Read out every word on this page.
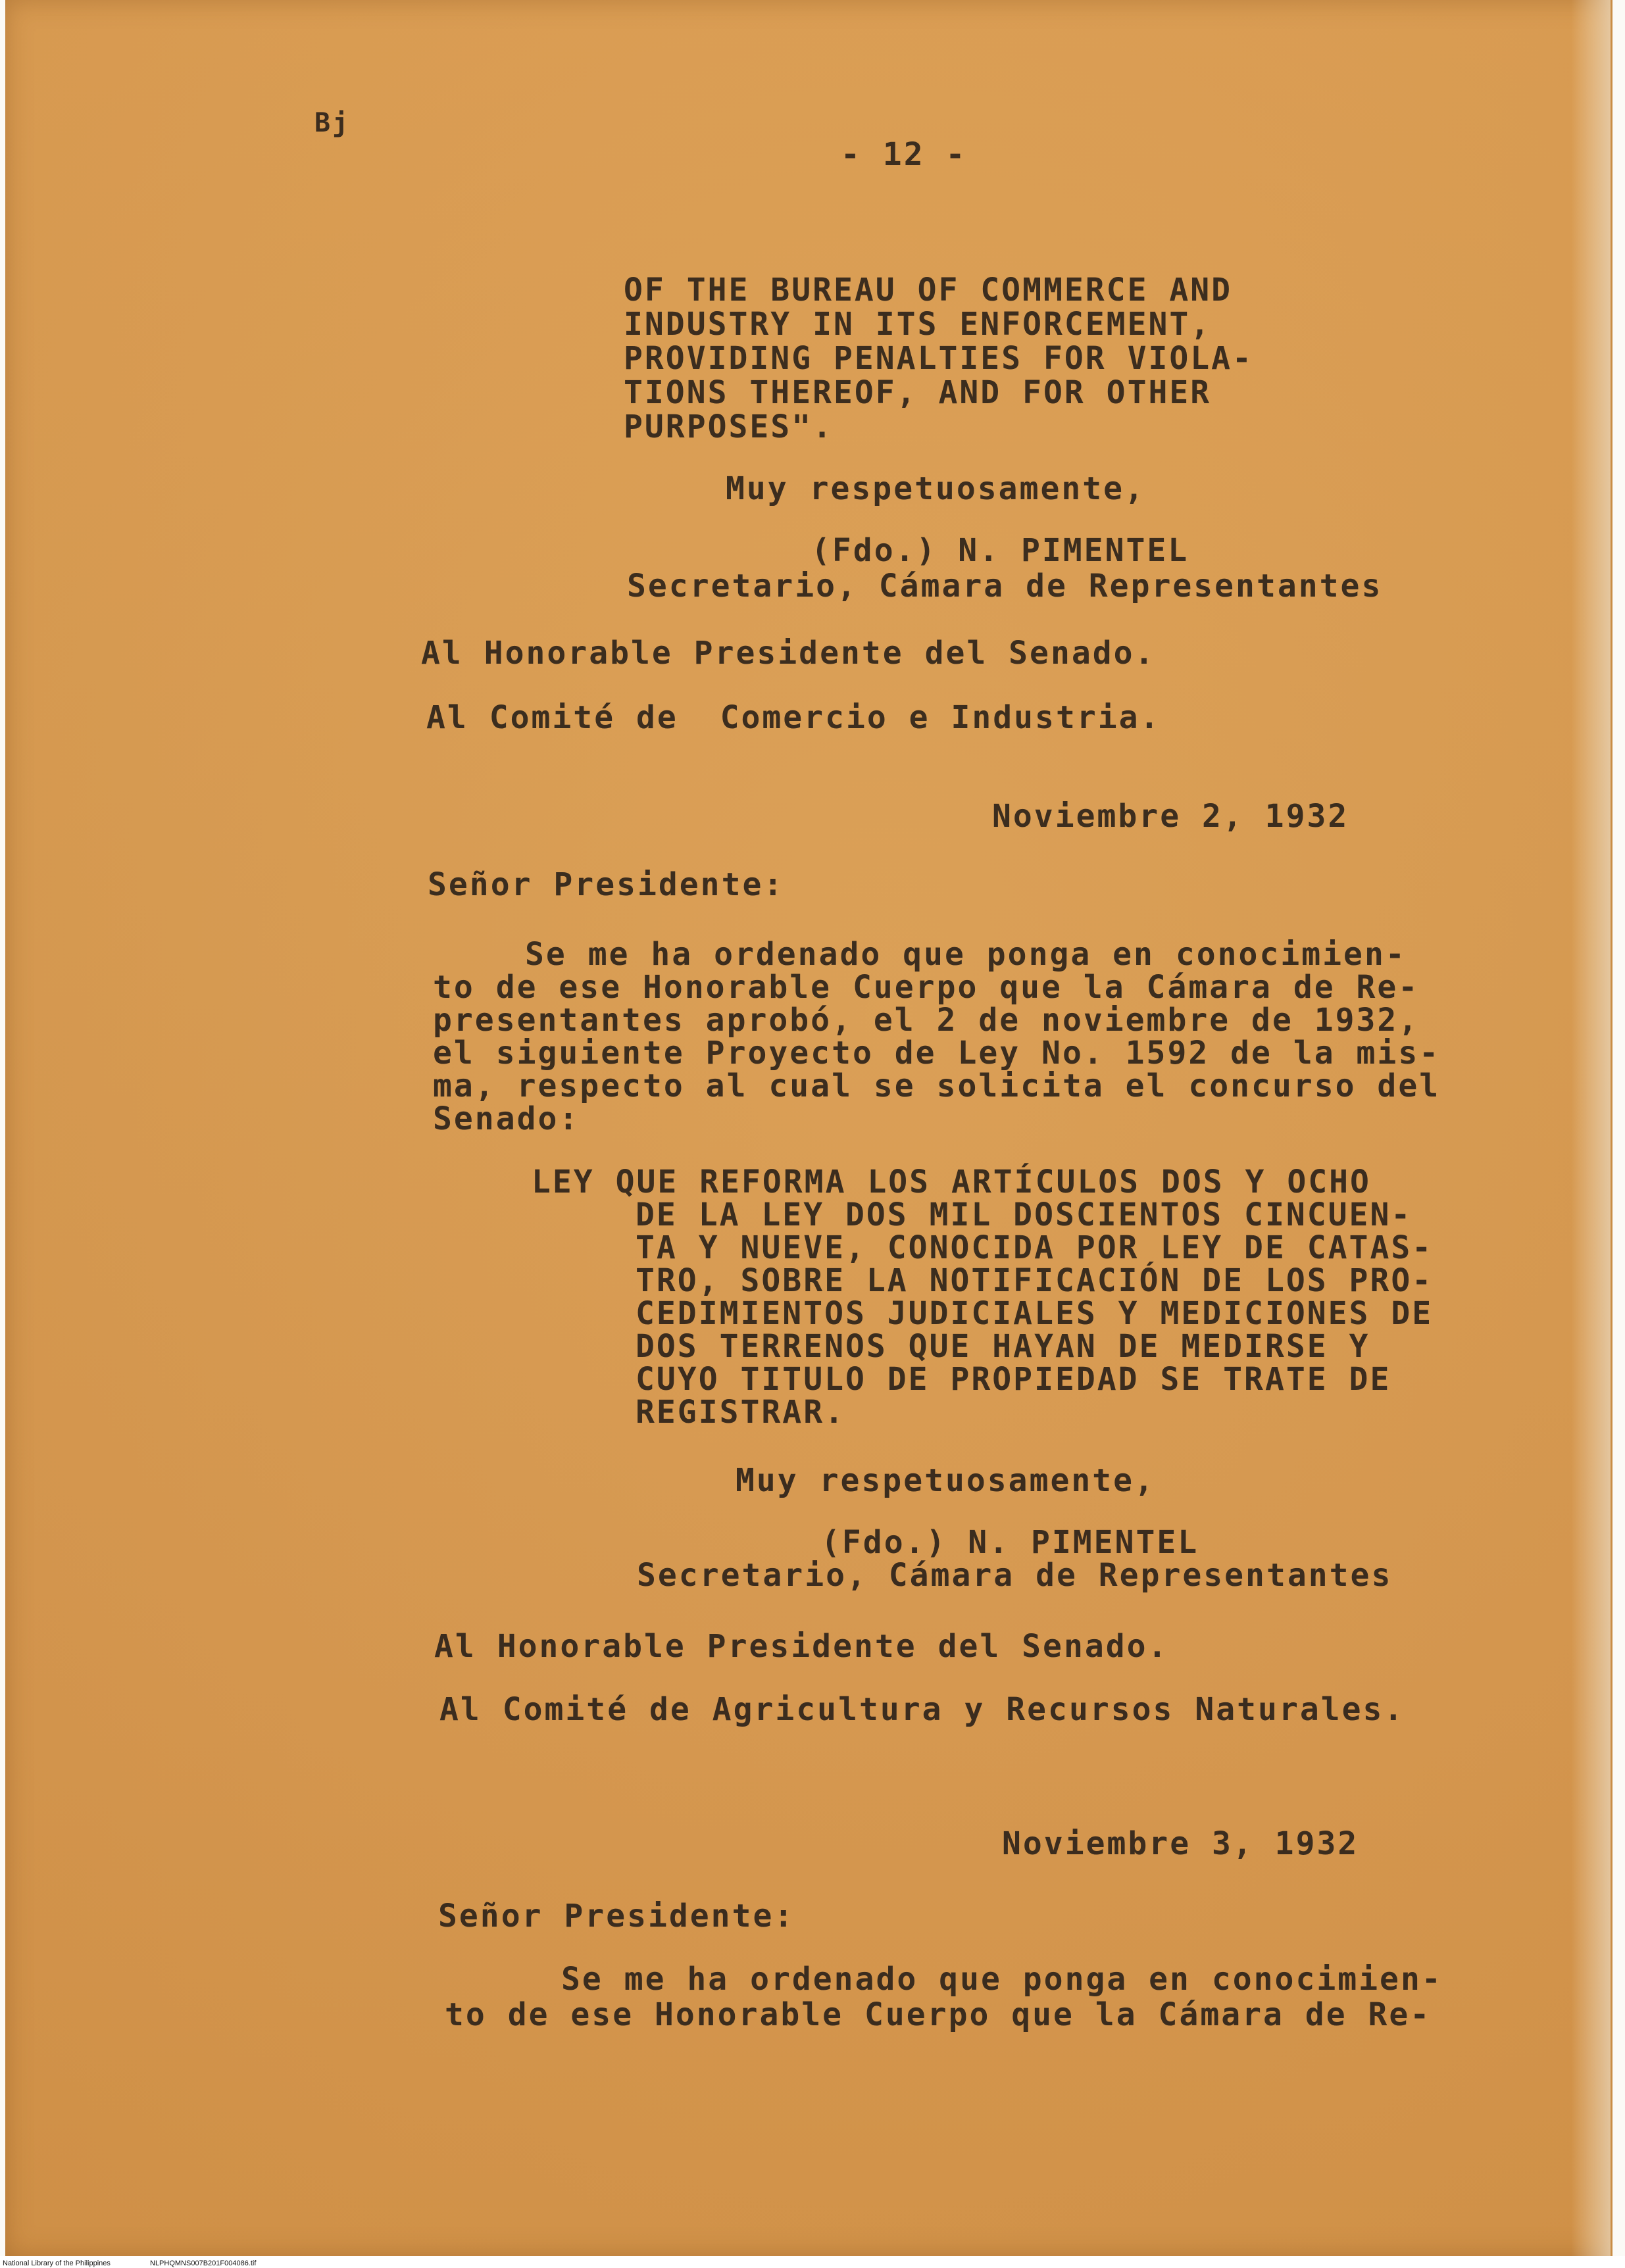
Bj
- 12 -
OF THE BUREAU OF COMMERCE AND
INDUSTRY IN ITS ENFORCEMENT,
PROVIDING PENALTIES FOR VIOLA-
TIONS THEREOF, AND FOR OTHER
PURPOSES".
Muy respetuosamente,
(Fdo.) N. PIMENTEL
Secretario, Cámara de Representantes
Al Honorable Presidente del Senado.
Al Comité de  Comercio e Industria.
Noviembre 2, 1932
Señor Presidente:
Se me ha ordenado que ponga en conocimien-
to de ese Honorable Cuerpo que la Cámara de Re-
presentantes aprobó, el 2 de noviembre de 1932,
el siguiente Proyecto de Ley No. 1592 de la mis-
ma, respecto al cual se solicita el concurso del
Senado:
LEY QUE REFORMA LOS ARTÍCULOS DOS Y OCHO
DE LA LEY DOS MIL DOSCIENTOS CINCUEN-
TA Y NUEVE, CONOCIDA POR LEY DE CATAS-
TRO, SOBRE LA NOTIFICACIÓN DE LOS PRO-
CEDIMIENTOS JUDICIALES Y MEDICIONES DE
DOS TERRENOS QUE HAYAN DE MEDIRSE Y
CUYO TITULO DE PROPIEDAD SE TRATE DE
REGISTRAR.
Muy respetuosamente,
(Fdo.) N. PIMENTEL
Secretario, Cámara de Representantes
Al Honorable Presidente del Senado.
Al Comité de Agricultura y Recursos Naturales.
Noviembre 3, 1932
Señor Presidente:
Se me ha ordenado que ponga en conocimien-
to de ese Honorable Cuerpo que la Cámara de Re-
National Library of the Philippines	NLPHQMNS007B201F004086.tif
